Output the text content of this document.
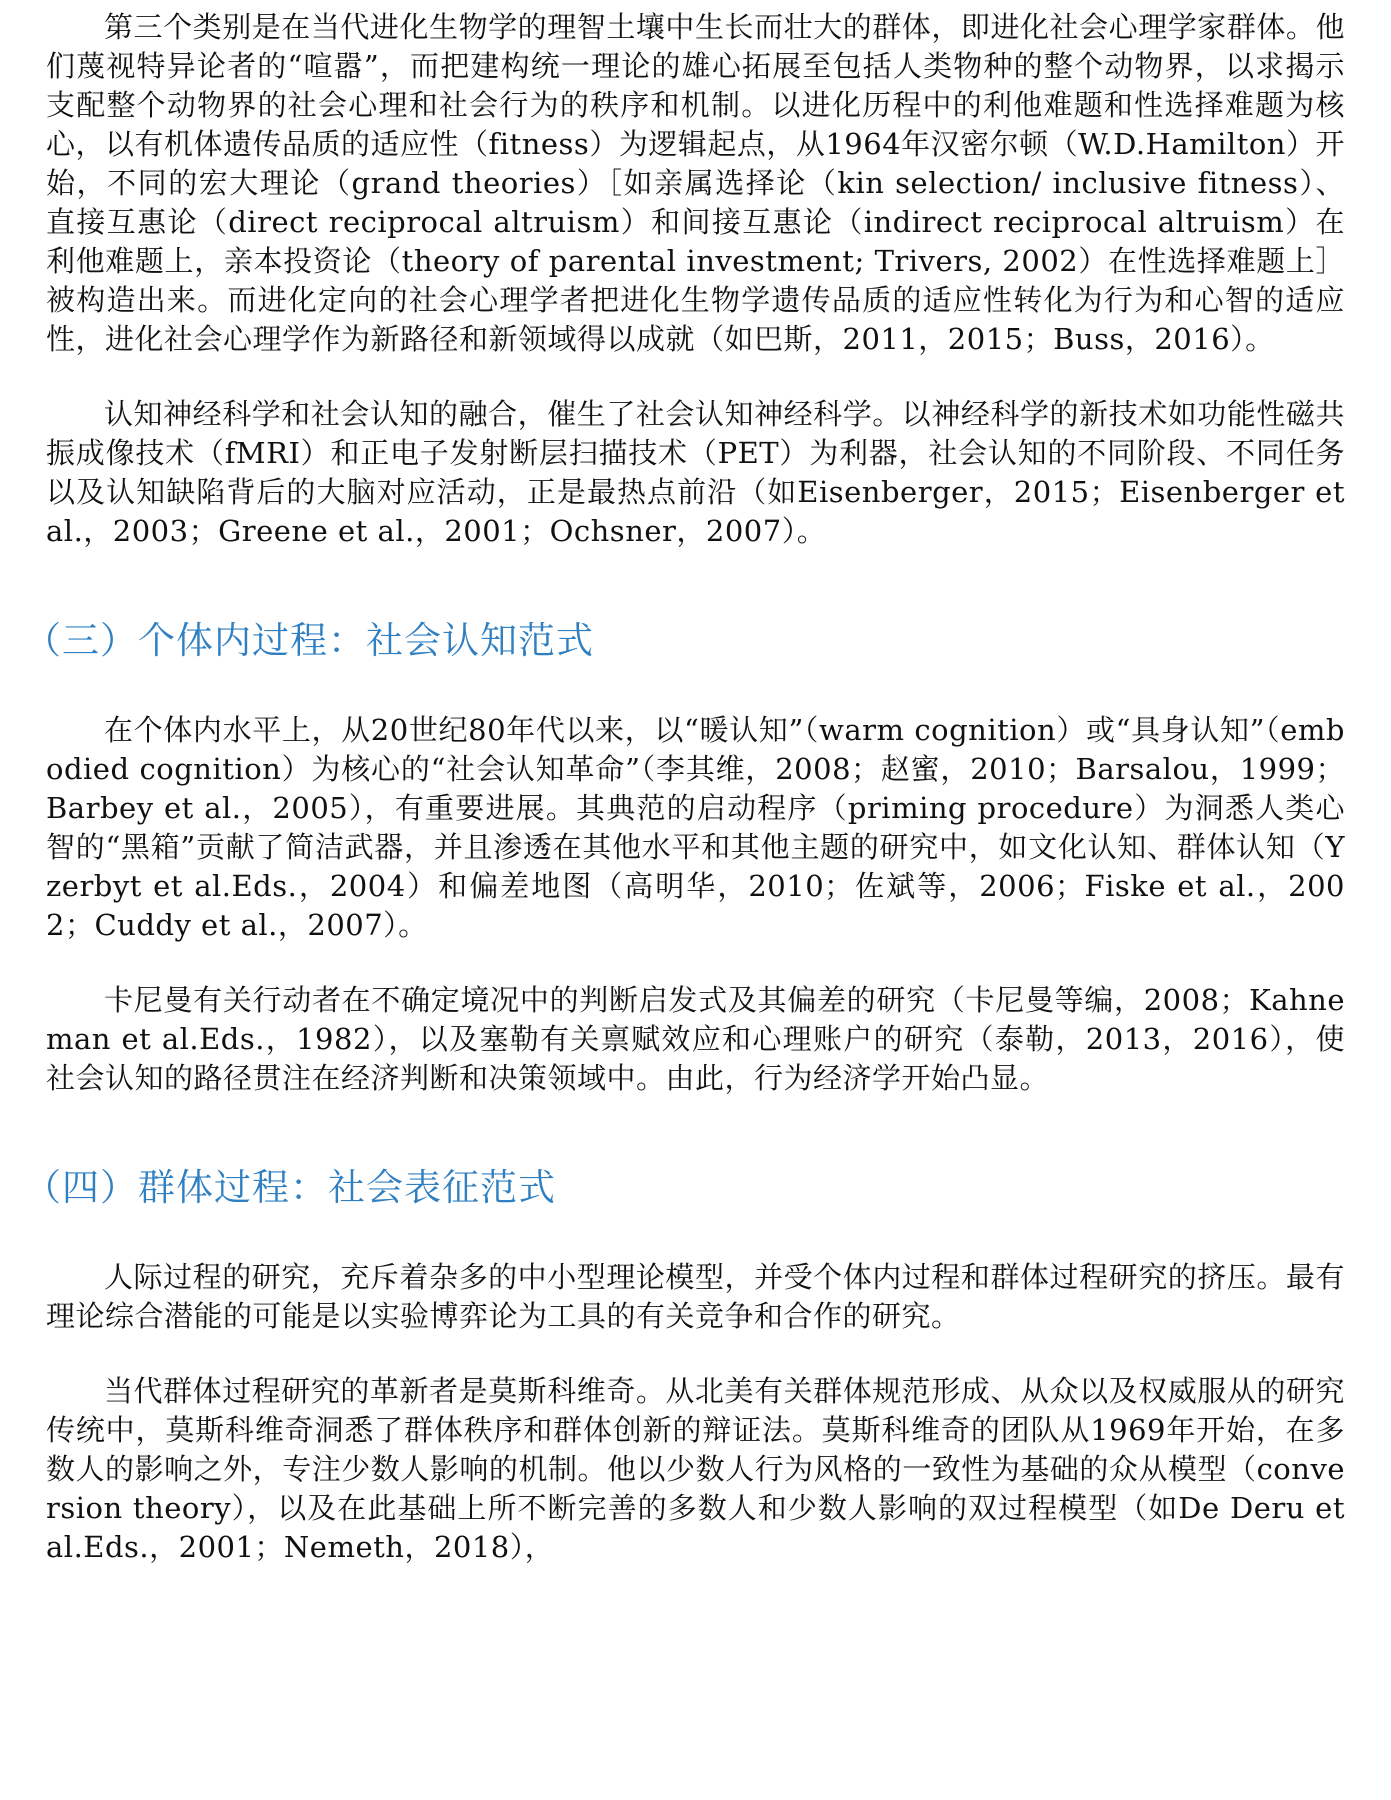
第三个类别是在当代进化生物学的理智土壤中生长而壮大的群体，即进化社会心理学家群体。他们蔑视特异论者的“喧嚣”，而把建构统一理论的雄心拓展至包括人类物种的整个动物界，以求揭示支配整个动物界的社会心理和社会行为的秩序和机制。以进化历程中的利他难题和性选择难题为核心，以有机体遗传品质的适应性（fitness）为逻辑起点，从1964年汉密尔顿（W.D.Hamilton）开始，不同的宏大理论（grand theories）［如亲属选择论（kin selection/ inclusive fitness）、直接互惠论（direct reciprocal altruism）和间接互惠论（indirect reciprocal altruism）在利他难题上，亲本投资论（theory of parental investment; Trivers, 2002）在性选择难题上］被构造出来。而进化定向的社会心理学者把进化生物学遗传品质的适应性转化为行为和心智的适应性，进化社会心理学作为新路径和新领域得以成就（如巴斯，2011，2015；Buss，2016）。

认知神经科学和社会认知的融合，催生了社会认知神经科学。以神经科学的新技术如功能性磁共振成像技术（fMRI）和正电子发射断层扫描技术（PET）为利器，社会认知的不同阶段、不同任务以及认知缺陷背后的大脑对应活动，正是最热点前沿（如Eisenberger，2015；Eisenberger et al.，2003；Greene et al.，2001；Ochsner，2007）。

（三）个体内过程：社会认知范式

在个体内水平上，从20世纪80年代以来，以“暖认知”（warm cognition）或“具身认知”（embodied cognition）为核心的“社会认知革命”（李其维，2008；赵蜜，2010；Barsalou，1999；Barbey et al.，2005），有重要进展。其典范的启动程序（priming procedure）为洞悉人类心智的“黑箱”贡献了简洁武器，并且渗透在其他水平和其他主题的研究中，如文化认知、群体认知（Yzerbyt et al.Eds.，2004）和偏差地图（高明华，2010；佐斌等，2006；Fiske et al.，2002；Cuddy et al.，2007）。

卡尼曼有关行动者在不确定境况中的判断启发式及其偏差的研究（卡尼曼等编，2008；Kahneman et al.Eds.，1982），以及塞勒有关禀赋效应和心理账户的研究（泰勒，2013，2016），使社会认知的路径贯注在经济判断和决策领域中。由此，行为经济学开始凸显。

（四）群体过程：社会表征范式

人际过程的研究，充斥着杂多的中小型理论模型，并受个体内过程和群体过程研究的挤压。最有理论综合潜能的可能是以实验博弈论为工具的有关竞争和合作的研究。

当代群体过程研究的革新者是莫斯科维奇。从北美有关群体规范形成、从众以及权威服从的研究传统中，莫斯科维奇洞悉了群体秩序和群体创新的辩证法。莫斯科维奇的团队从1969年开始，在多数人的影响之外，专注少数人影响的机制。他以少数人行为风格的一致性为基础的众从模型（conversion theory），以及在此基础上所不断完善的多数人和少数人影响的双过程模型（如De Deru et al.Eds.，2001；Nemeth，2018），
